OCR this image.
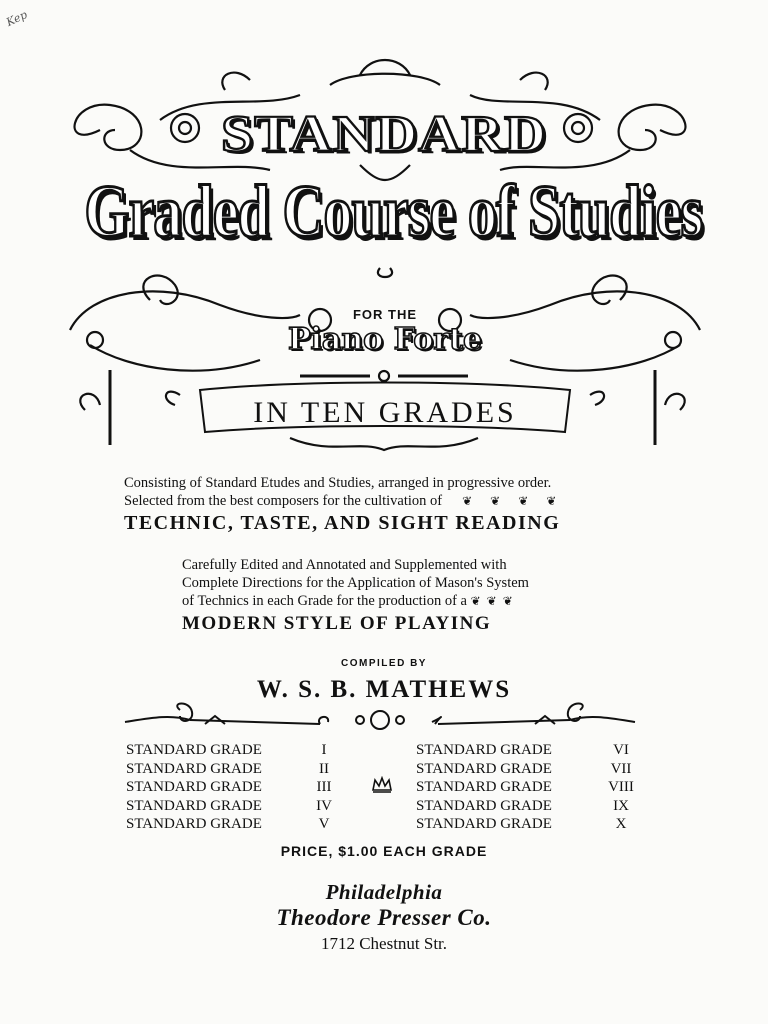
Kep
STANDARD
Graded Course of Studies
FOR THE
Piano Forte
IN TEN GRADES
Consisting of Standard Etudes and Studies, arranged in progressive order.
Selected from the best composers for the cultivation of ❦❦❦❦
TECHNIC, TASTE, AND SIGHT READING
Carefully Edited and Annotated and Supplemented with
Complete Directions for the Application of Mason's System
of Technics in each Grade for the production of a ❦❦❦
MODERN STYLE OF PLAYING
COMPILED BY
W. S. B. MATHEWS
STANDARD GRADE	I	STANDARD GRADE	VI
STANDARD GRADE	II	STANDARD GRADE	VII
STANDARD GRADE	III	STANDARD GRADE	VIII
STANDARD GRADE	IV	STANDARD GRADE	IX
STANDARD GRADE	V	STANDARD GRADE	X
PRICE, $1.00 EACH GRADE
Philadelphia
Theodore Presser Co.
1712 Chestnut Str.
